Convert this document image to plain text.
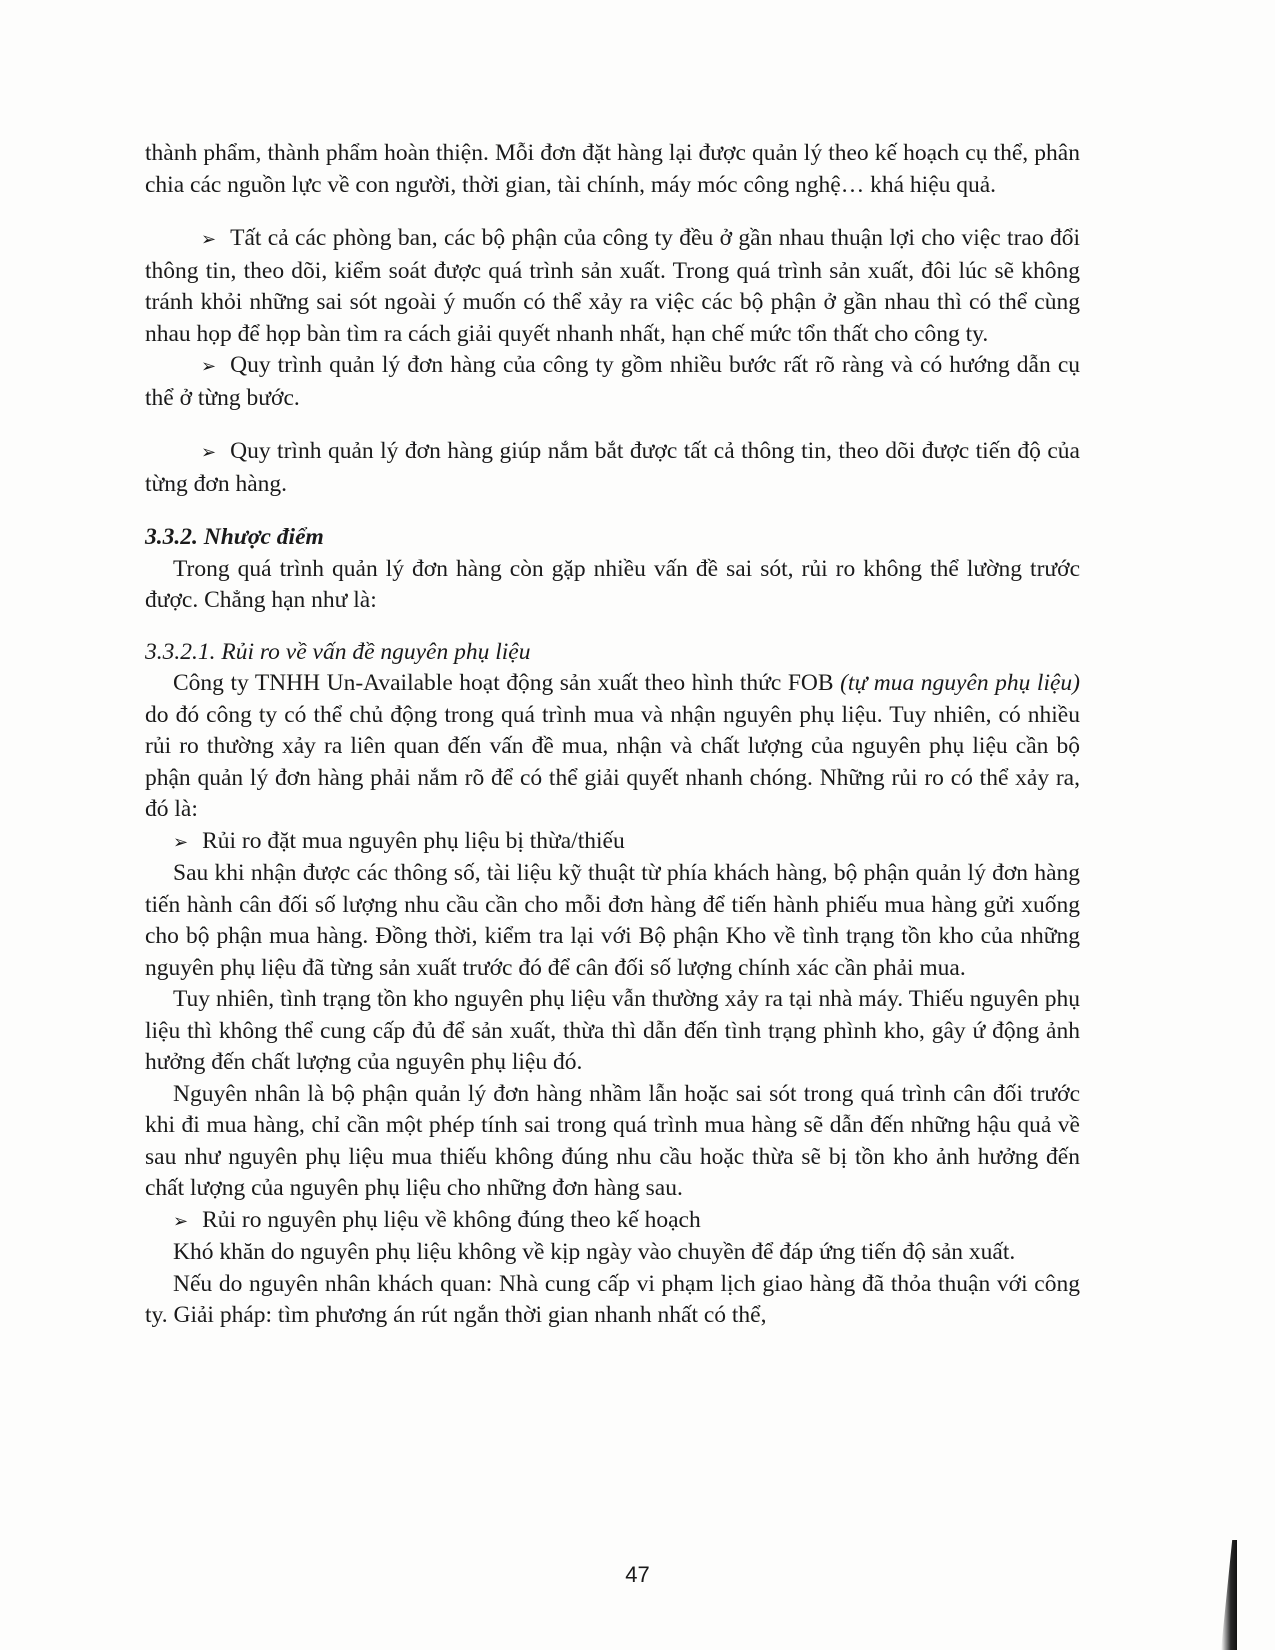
thành phẩm, thành phẩm hoàn thiện. Mỗi đơn đặt hàng lại được quản lý theo kế hoạch cụ thể, phân chia các nguồn lực về con người, thời gian, tài chính, máy móc công nghệ… khá hiệu quả.

➢ Tất cả các phòng ban, các bộ phận của công ty đều ở gần nhau thuận lợi cho việc trao đổi thông tin, theo dõi, kiểm soát được quá trình sản xuất. Trong quá trình sản xuất, đôi lúc sẽ không tránh khỏi những sai sót ngoài ý muốn có thể xảy ra việc các bộ phận ở gần nhau thì có thể cùng nhau họp để họp bàn tìm ra cách giải quyết nhanh nhất, hạn chế mức tổn thất cho công ty.

➢ Quy trình quản lý đơn hàng của công ty gồm nhiều bước rất rõ ràng và có hướng dẫn cụ thể ở từng bước.

➢ Quy trình quản lý đơn hàng giúp nắm bắt được tất cả thông tin, theo dõi được tiến độ của từng đơn hàng.

3.3.2. Nhược điểm

Trong quá trình quản lý đơn hàng còn gặp nhiều vấn đề sai sót, rủi ro không thể lường trước được. Chẳng hạn như là:

3.3.2.1. Rủi ro về vấn đề nguyên phụ liệu

Công ty TNHH Un-Available hoạt động sản xuất theo hình thức FOB (tự mua nguyên phụ liệu) do đó công ty có thể chủ động trong quá trình mua và nhận nguyên phụ liệu. Tuy nhiên, có nhiều rủi ro thường xảy ra liên quan đến vấn đề mua, nhận và chất lượng của nguyên phụ liệu cần bộ phận quản lý đơn hàng phải nắm rõ để có thể giải quyết nhanh chóng. Những rủi ro có thể xảy ra, đó là:

➢ Rủi ro đặt mua nguyên phụ liệu bị thừa/thiếu

Sau khi nhận được các thông số, tài liệu kỹ thuật từ phía khách hàng, bộ phận quản lý đơn hàng tiến hành cân đối số lượng nhu cầu cần cho mỗi đơn hàng để tiến hành phiếu mua hàng gửi xuống cho bộ phận mua hàng. Đồng thời, kiểm tra lại với Bộ phận Kho về tình trạng tồn kho của những nguyên phụ liệu đã từng sản xuất trước đó để cân đối số lượng chính xác cần phải mua.

Tuy nhiên, tình trạng tồn kho nguyên phụ liệu vẫn thường xảy ra tại nhà máy. Thiếu nguyên phụ liệu thì không thể cung cấp đủ để sản xuất, thừa thì dẫn đến tình trạng phình kho, gây ứ động ảnh hưởng đến chất lượng của nguyên phụ liệu đó.

Nguyên nhân là bộ phận quản lý đơn hàng nhầm lẫn hoặc sai sót trong quá trình cân đối trước khi đi mua hàng, chỉ cần một phép tính sai trong quá trình mua hàng sẽ dẫn đến những hậu quả về sau như nguyên phụ liệu mua thiếu không đúng nhu cầu hoặc thừa sẽ bị tồn kho ảnh hưởng đến chất lượng của nguyên phụ liệu cho những đơn hàng sau.

➢ Rủi ro nguyên phụ liệu về không đúng theo kế hoạch

Khó khăn do nguyên phụ liệu không về kịp ngày vào chuyền để đáp ứng tiến độ sản xuất.

Nếu do nguyên nhân khách quan: Nhà cung cấp vi phạm lịch giao hàng đã thỏa thuận với công ty. Giải pháp: tìm phương án rút ngắn thời gian nhanh nhất có thể,

47
